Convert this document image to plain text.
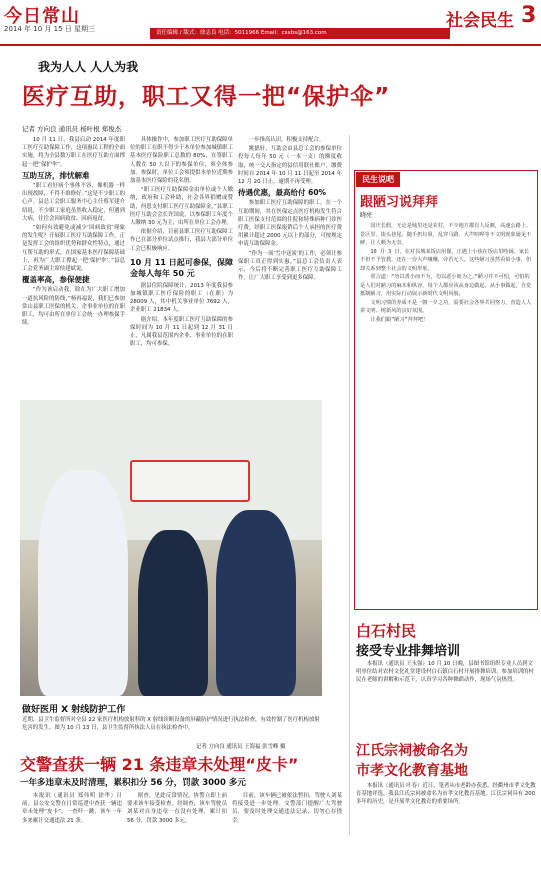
今日常山
2014 年 10 月 15 日 星期三	责任编辑 / 版式：徐志良 电话：5011966 Email：csxbs@163.com
社会民生 3
我为人人 人人为我
医疗互助，职工又得一把“保护伞”
记者 方向良 通讯员 杨叶根 郑俊杰

10 月 11 日，我县启动 2014 年度职工医疗互助保障工作，这项惠民工程的全面实施，将为全县数万职工在医疗互助方面撑起一把“保护伞”。

互助互济，排忧解难

“职工看好病个事体不容，像机器一样出现故障，不得不维修好。”这是不少职工的心声。县总工会职工服务中心主任蔡军建介绍说，不少职工家庭虽然收入稳定，但遇到大病，往往会因病致贫、因病返贫。

“如何有效避免或减少‘因病致贫’现象的发生呢？开展职工医疗互助保障工作，正是发挥工会的组织优势和群众性特点，通过互帮互助的形式，在国家基本医疗保障基础上，再为广大职工撑起一把‘保护伞’。”县总工会党务副主席侯建斌说。

覆盖率高，参保便捷

“作为该启动我，除在为广大职工增加一道抗风险的防线，”杨再福说，我们已参加常山县职工医保的机关、企事业单位的在职职工，均可由所在单位工会统一办理参保手续。

具体操作中，参加职工医疗互助保障单位的职工在职不得少于本单位参加城镇职工基本医疗保险职工总数的 80%，在签职工人数在 50 人以下的参保单位，须全体参加。参保时，单位工会须提供本单位近期参加基本医疗保险的花名册。

“职工医疗互助保障金由单位或个人缴纳，政府和工会补助，社会各界捐赠或赞助，何患支付职工医疗互助保障金，”县职工医疗互助会会长许国说，以参保职工年度个人缴纳 30 元为主，由所在单位工会办理。

依据介绍，目前县职工医疗互助保障工作已在部分单位试点推行，我县大部分单位工会已积极响应。

10 月 11 日起可参保，保障金每人每年 50 元

据县住院保障统计，2013 年度我县参加城镇职工医疗保险的职工（在职）为 28009 人，其中机关事业单位 7692 人，企业职工 21834 人。

据介绍，本年度职工医疗互助保障的参保时间为 10 月 11 日起到 12 月 31 日止，凡属我县范围内企业、事业单位的在职职工，均可参保。

一步推高认识，积极支持配合。

姚德轩，互助会由县总工会的参保单位投每人每年 50 元（一本一支）的额度收取，统一交入指定的县信用联社账户，缴费时间自 2014 年 10 月 11 日起至 2014 年 12 月 20 日止。逾期不再受理。

待遇优惠，最高给付 60%

参加职工医疗互助保障的职工，在一个互助期间，其在医保定点医疗机构发生符合职工医保支付范围的住院和特殊病种门诊医疗费，经职工医保报销后个人承担的医疗费用累计超过 2000 元以上的部分，可按规定申请互助保障金。

“作为一项‘雪中送炭’的工作，必须让参保职工真正得到实惠。”县总工会负责人表示，今后将不断完善职工医疗互助保障工作，让广大职工享受到更多保障。

做好医用 X 射线防护工作
近期，县卫生监督所对全县 22 家医疗机构放射科的 X 射线诊断设备的屏蔽防护情况进行执法检查，有效控制了医疗机构放射危害的发生。图为 10 月 13 日，县卫生监督所执法人员在执法检查中。
记者 方向良 通讯员 王海福 张雪峰 摄
交警查获一辆 21 条违章未处理“皮卡”
一年多违章未及时清理，累积扣分 56 分，罚款 3000 多元

本报讯（通讯员 郑伟明 徐华）日前，县公安交警在日常巡逻中查获一辆违章未处理“皮卡”，一查吓一跳，该车一年多来累计交通违法 21 条。

据查，见此反常情况，协警立即上前要求该车接受检查。经调查，该车驾驶员刘某对自身违章一直没有处理，累计扣 56 分，罚款 3000 多元。

目前，该车辆已被依法暂扣，驾驶人刘某将接受进一步处理。交警部门提醒广大驾驶员，要及时处理交通违法记录，切勿心存侥幸。

民生说吧
跟陋习说拜拜
晓亮

国庆长假，无论是城里还是农村，不少地方都有人反映，高速公路上、景区里、街头巷尾，随手扔垃圾、乱穿马路、大声喧哗等不文明现象屡见不鲜，让人颇为无奈。

10 月 3 日，在对县城某饭店用餐，正遇上小孩在饭店里吵闹，家长不但不予管教，还在一旁大声嚷嚷，旁若无人。这些陋习虽然看似小事，但却关系到整个社会的文明形象。

常言道：“勿以善小而不为，勿以恶小而为之。”陋习并不可怕，可怕的是人们对陋习的麻木和纵容。每个人都应该从身边做起、从小事做起，自觉抵制陋习，用实际行动展示新时代文明风貌。

文明习惯的养成不是一朝一夕之功，需要社会各界共同努力，营造人人讲文明、树新风的良好氛围。

让我们跟“陋习”拜拜吧！

白石村民
接受专业排舞培训

本报讯（通讯员 王永强）10 月 10 日晚，县图书馆组织专业人员到文明单位结对农村文化礼堂建设村白石镇白石村开展排舞培训。参加培训的村民在老师的讲解和示范下，认真学习各种舞蹈动作，现场气氛热烈。

江氏宗祠被命名为
市孝文化教育基地

本报讯（通讯员 叶春）近日，笔者从市老龄办获悉，经衢州市孝文化教育基地评选，我县江氏宗祠被命名为市孝文化教育基地。江氏宗祠具有 200 多年的历史，是开展孝文化教育的重要场所。
